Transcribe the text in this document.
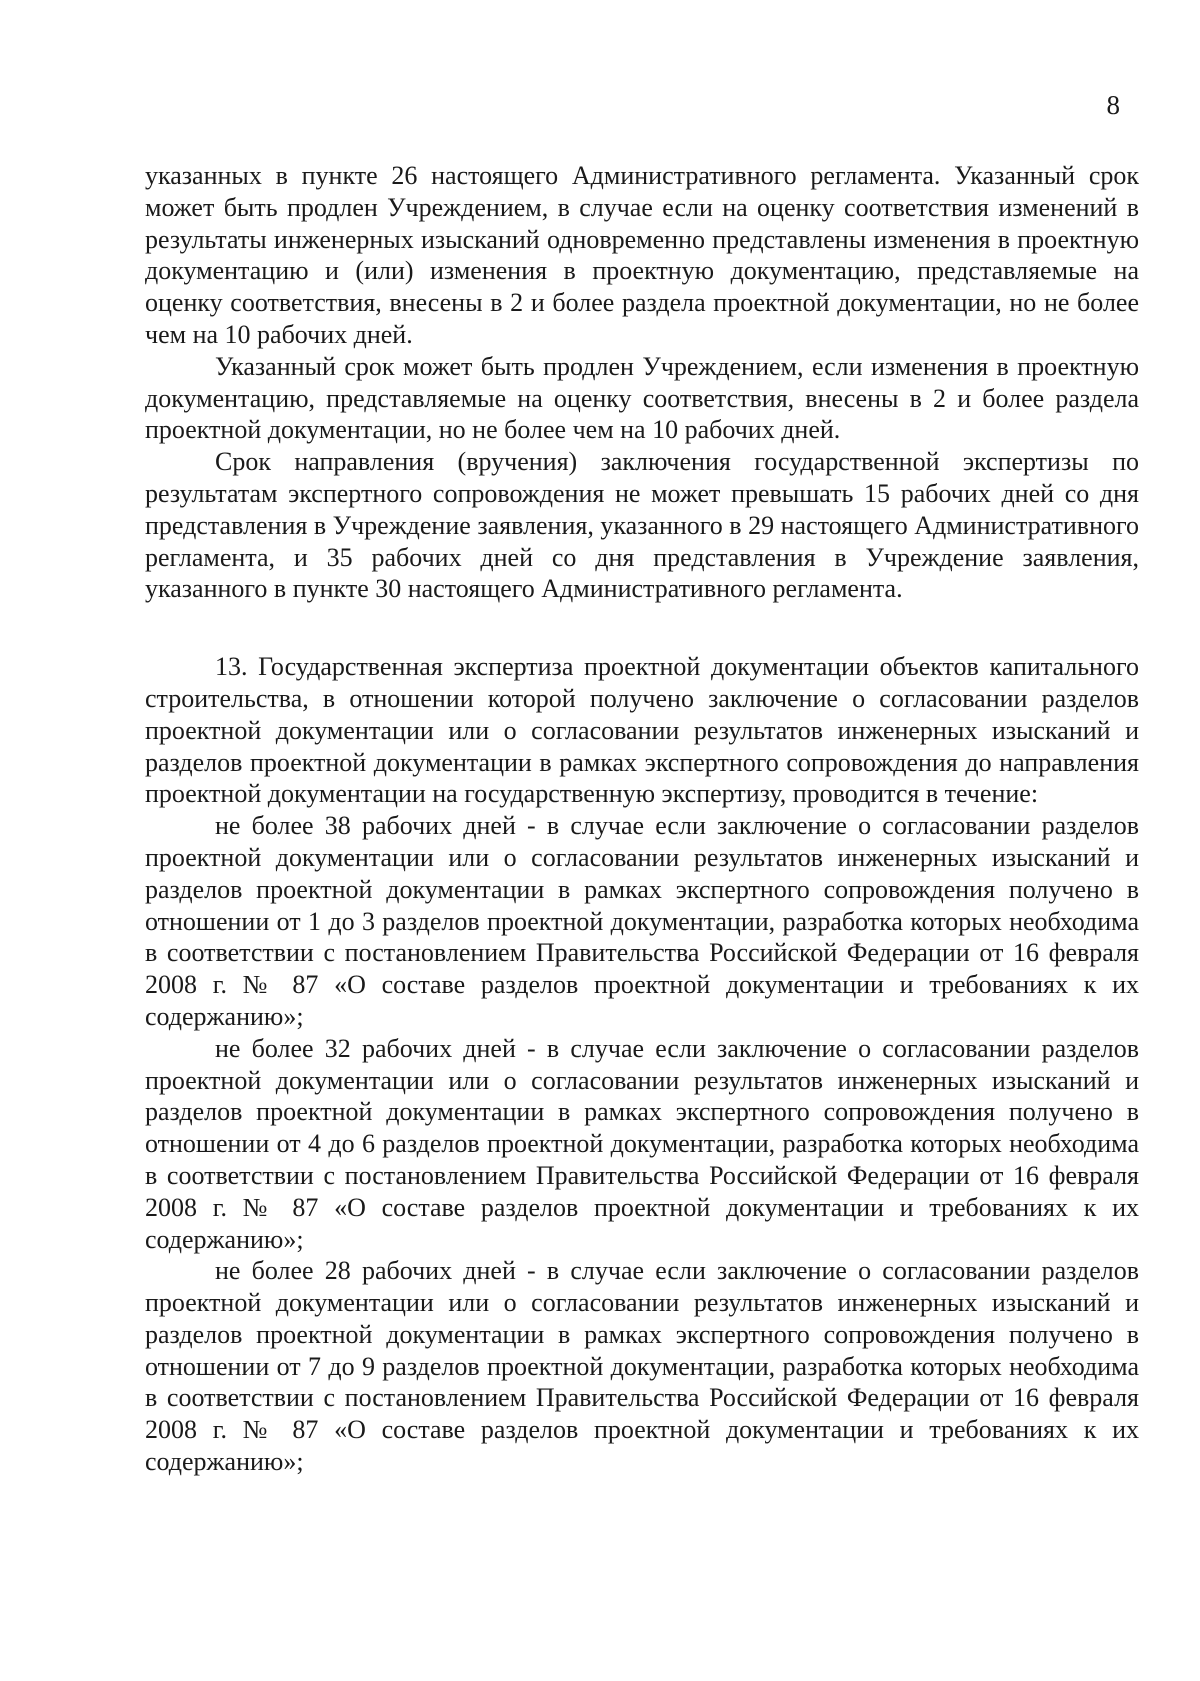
8

указанных в пункте 26 настоящего Административного регламента. Указанный срок может быть продлен Учреждением, в случае если на оценку соответствия изменений в результаты инженерных изысканий одновременно представлены изменения в проектную документацию и (или) изменения в проектную документацию, представляемые на оценку соответствия, внесены в 2 и более раздела проектной документации, но не более чем на 10 рабочих дней.

Указанный срок может быть продлен Учреждением, если изменения в проектную документацию, представляемые на оценку соответствия, внесены в 2 и более раздела проектной документации, но не более чем на 10 рабочих дней.

Срок направления (вручения) заключения государственной экспертизы по результатам экспертного сопровождения не может превышать 15 рабочих дней со дня представления в Учреждение заявления, указанного в 29 настоящего Административного регламента, и 35 рабочих дней со дня представления в Учреждение заявления, указанного в пункте 30 настоящего Административного регламента.

13. Государственная экспертиза проектной документации объектов капитального строительства, в отношении которой получено заключение о согласовании разделов проектной документации или о согласовании результатов инженерных изысканий и разделов проектной документации в рамках экспертного сопровождения до направления проектной документации на государственную экспертизу, проводится в течение:

не более 38 рабочих дней - в случае если заключение о согласовании разделов проектной документации или о согласовании результатов инженерных изысканий и разделов проектной документации в рамках экспертного сопровождения получено в отношении от 1 до 3 разделов проектной документации, разработка которых необходима в соответствии с постановлением Правительства Российской Федерации от 16 февраля 2008 г. № 87 «О составе разделов проектной документации и требованиях к их содержанию»;

не более 32 рабочих дней - в случае если заключение о согласовании разделов проектной документации или о согласовании результатов инженерных изысканий и разделов проектной документации в рамках экспертного сопровождения получено в отношении от 4 до 6 разделов проектной документации, разработка которых необходима в соответствии с постановлением Правительства Российской Федерации от 16 февраля 2008 г. № 87 «О составе разделов проектной документации и требованиях к их содержанию»;

не более 28 рабочих дней - в случае если заключение о согласовании разделов проектной документации или о согласовании результатов инженерных изысканий и разделов проектной документации в рамках экспертного сопровождения получено в отношении от 7 до 9 разделов проектной документации, разработка которых необходима в соответствии с постановлением Правительства Российской Федерации от 16 февраля 2008 г. № 87 «О составе разделов проектной документации и требованиях к их содержанию»;
